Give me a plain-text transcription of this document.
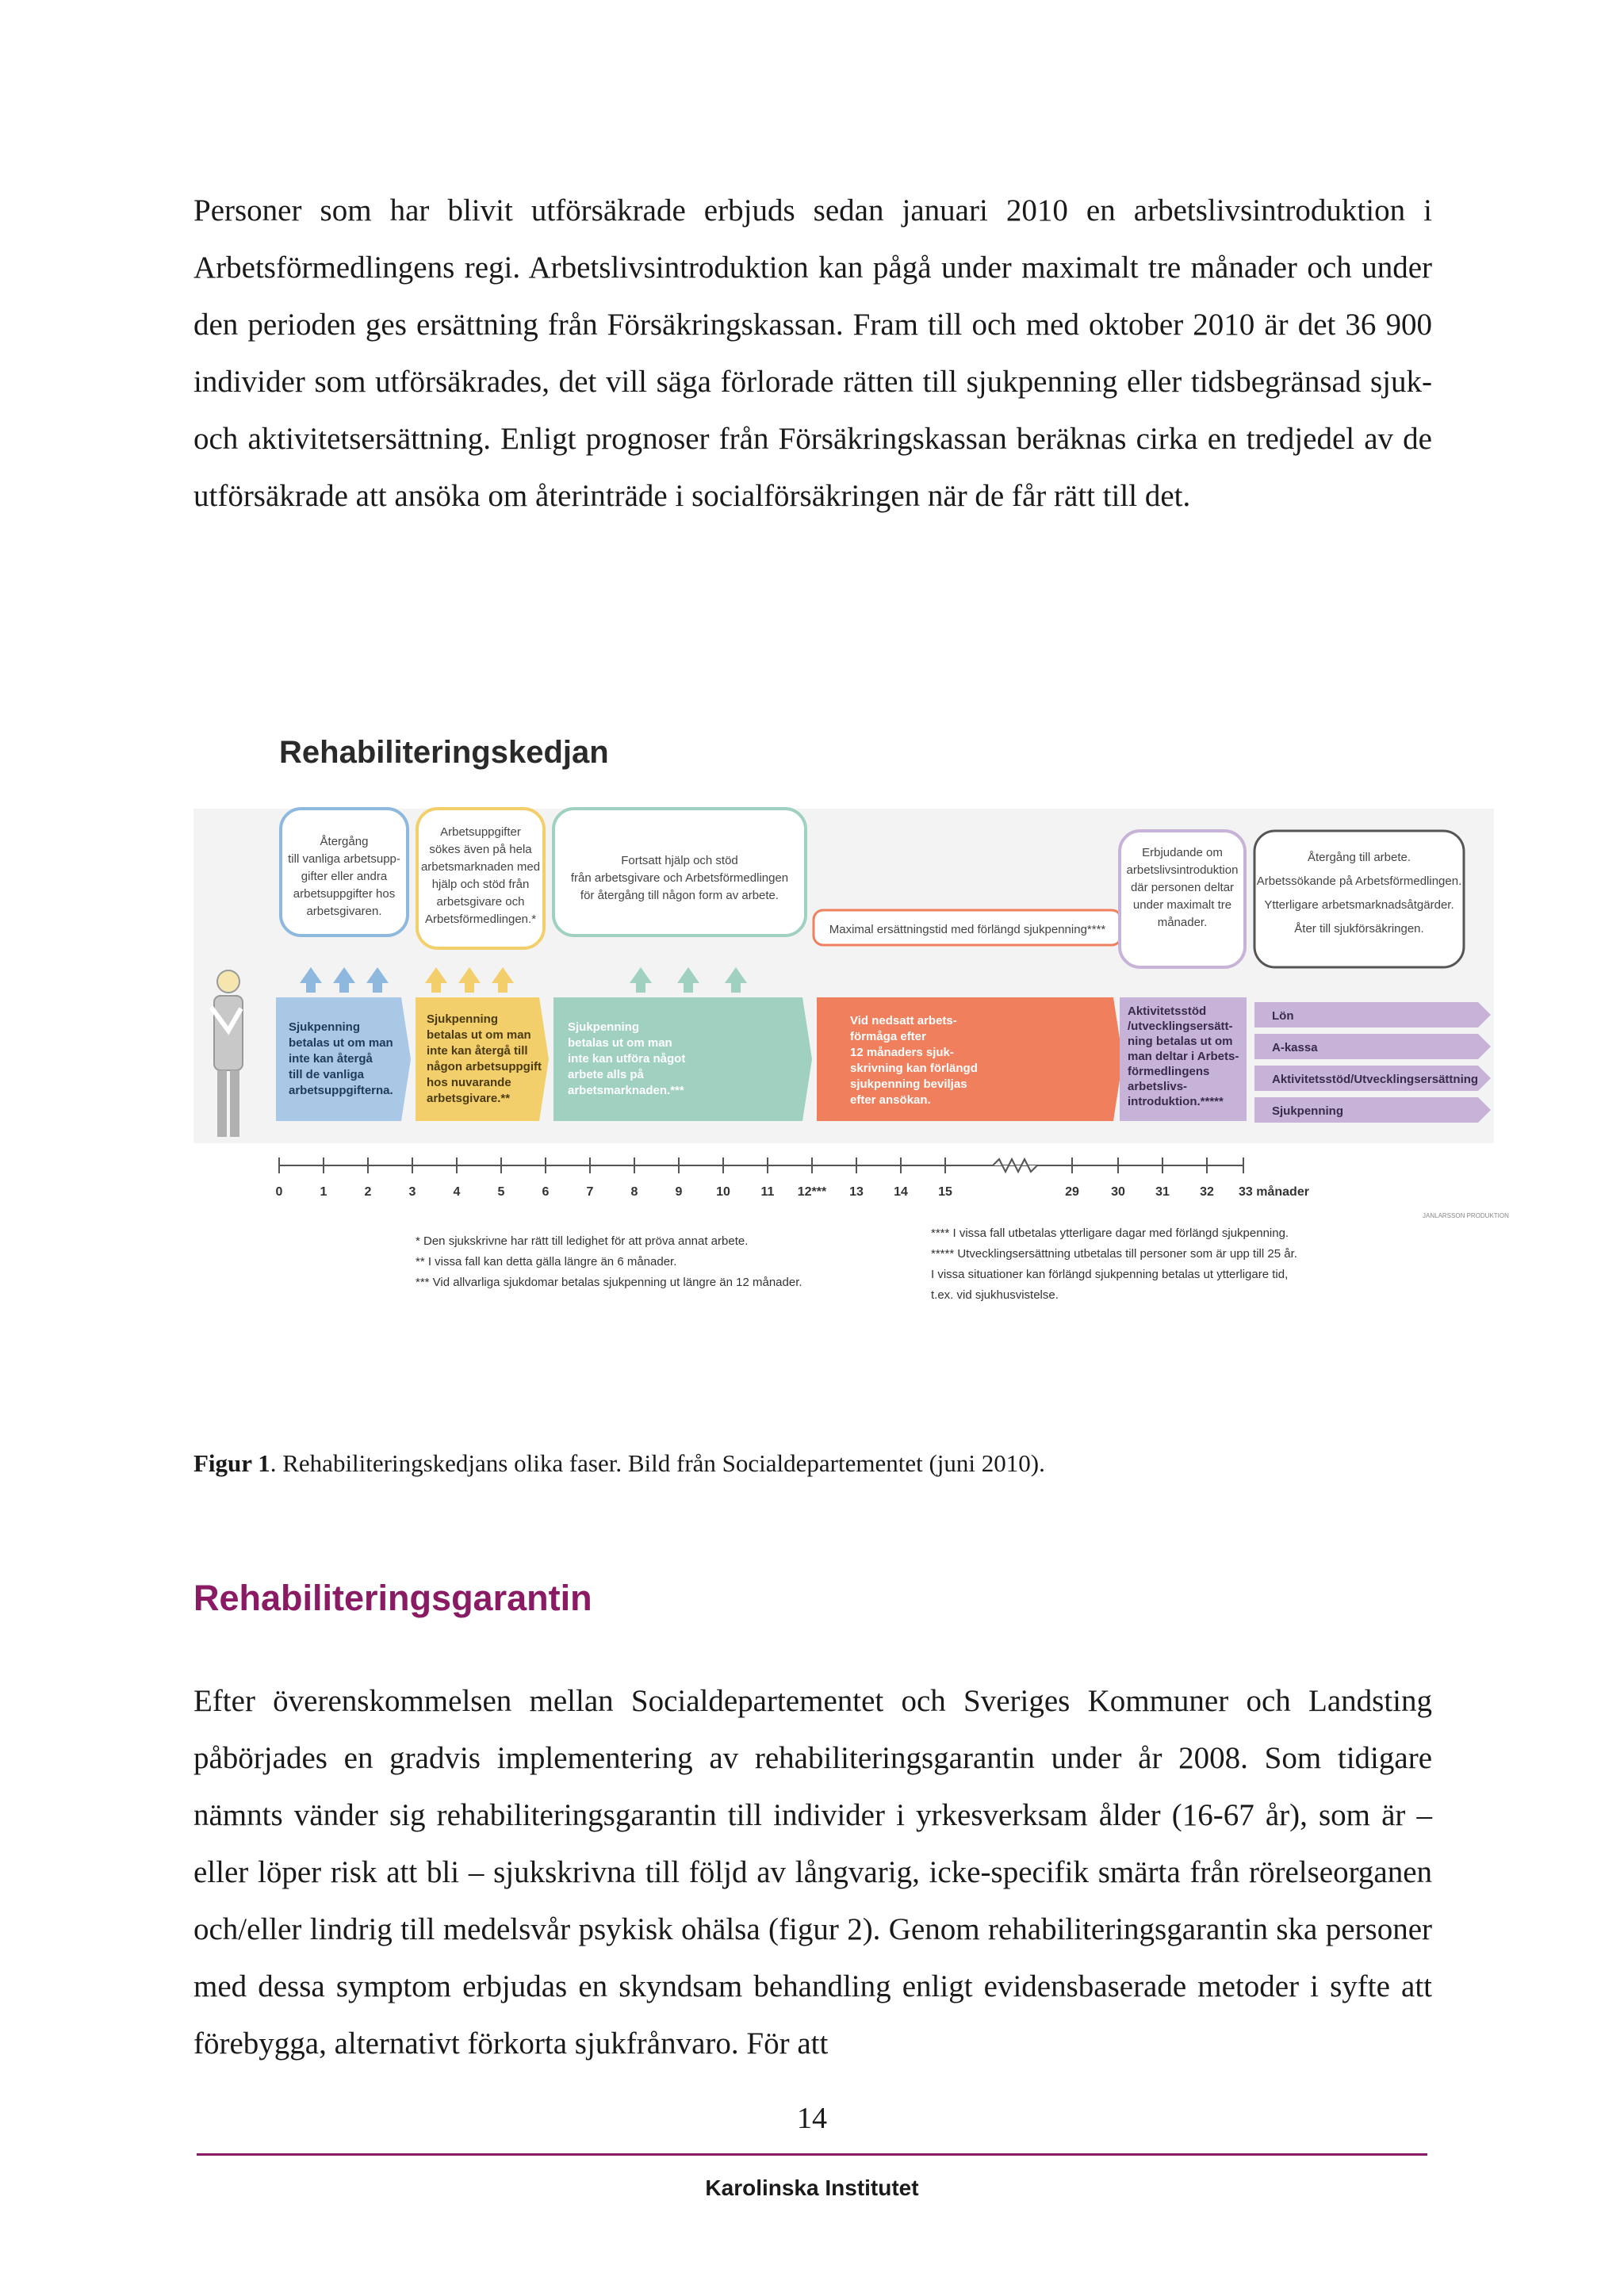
Personer som har blivit utförsäkrade erbjuds sedan januari 2010 en arbetslivsintroduktion i Arbetsförmedlingens regi. Arbetslivsintroduktion kan pågå under maximalt tre månader och under den perioden ges ersättning från Försäkringskassan. Fram till och med oktober 2010 är det 36 900 individer som utförsäkrades, det vill säga förlorade rätten till sjukpenning eller tidsbegränsad sjuk- och aktivitetsersättning. Enligt prognoser från Försäkringskassan beräknas cirka en tredjedel av de utförsäkrade att ansöka om återinträde i socialförsäkringen när de får rätt till det.

Rehabiliteringskedjan
Återgång till vanliga arbetsupp-gifter eller andra arbetsuppgifter hos arbetsgivaren.
Arbetsuppgifter sökes även på hela arbetsmarknaden med hjälp och stöd från arbetsgivare och Arbetsförmedlingen.*
Fortsatt hjälp och stöd från arbetsgivare och Arbetsförmedlingen för återgång till någon form av arbete.
Maximal ersättningstid med förlängd sjukpenning****
Erbjudande om arbetslivsintroduktion där personen deltar under maximalt tre månader.
Återgång till arbete. Arbetssökande på Arbetsförmedlingen. Ytterligare arbetsmarknadsåtgärder. Åter till sjukförsäkringen.
Sjukpenning betalas ut om man inte kan återgå till de vanliga arbetsuppgifterna.
Sjukpenning betalas ut om man inte kan återgå till någon arbetsuppgift hos nuvarande arbetsgivare.**
Sjukpenning betalas ut om man inte kan utföra något arbete alls på arbetsmarknaden.***
Vid nedsatt arbets-förmåga efter 12 månaders sjuk-skrivning kan förlängd sjukpenning beviljas efter ansökan.
Aktivitetsstöd /utvecklingsersätt-ning betalas ut om man deltar i Arbets-förmedlingens arbetslivs-introduktion.*****
Lön
A-kassa
Aktivitetsstöd/Utvecklingsersättning
Sjukpenning
0	1	2	3	4	5	6	7	8	9	10 11 12*** 13 14 15	29	30 31 32 33 månader
JANLARSSON PRODUKTION
* Den sjukskrivne har rätt till ledighet för att pröva annat arbete. ** I vissa fall kan detta gälla längre än 6 månader. *** Vid allvarliga sjukdomar betalas sjukpenning ut längre än 12 månader.
**** I vissa fall utbetalas ytterligare dagar med förlängd sjukpenning. ***** Utvecklingsersättning utbetalas till personer som är upp till 25 år. I vissa situationer kan förlängd sjukpenning betalas ut ytterligare tid, t.ex. vid sjukhusvistelse.

Figur 1. Rehabiliteringskedjans olika faser. Bild från Socialdepartementet (juni 2010).

Rehabiliteringsgarantin

Efter överenskommelsen mellan Socialdepartementet och Sveriges Kommuner och Landsting påbörjades en gradvis implementering av rehabiliteringsgarantin under år 2008. Som tidigare nämnts vänder sig rehabiliteringsgarantin till individer i yrkesverksam ålder (16-67 år), som är – eller löper risk att bli – sjukskrivna till följd av långvarig, icke-specifik smärta från rörelseorganen och/eller lindrig till medelsvår psykisk ohälsa (figur 2). Genom rehabiliteringsgarantin ska personer med dessa symptom erbjudas en skyndsam behandling enligt evidensbaserade metoder i syfte att förebygga, alternativt förkorta sjukfrånvaro. För att

14
Karolinska Institutet
